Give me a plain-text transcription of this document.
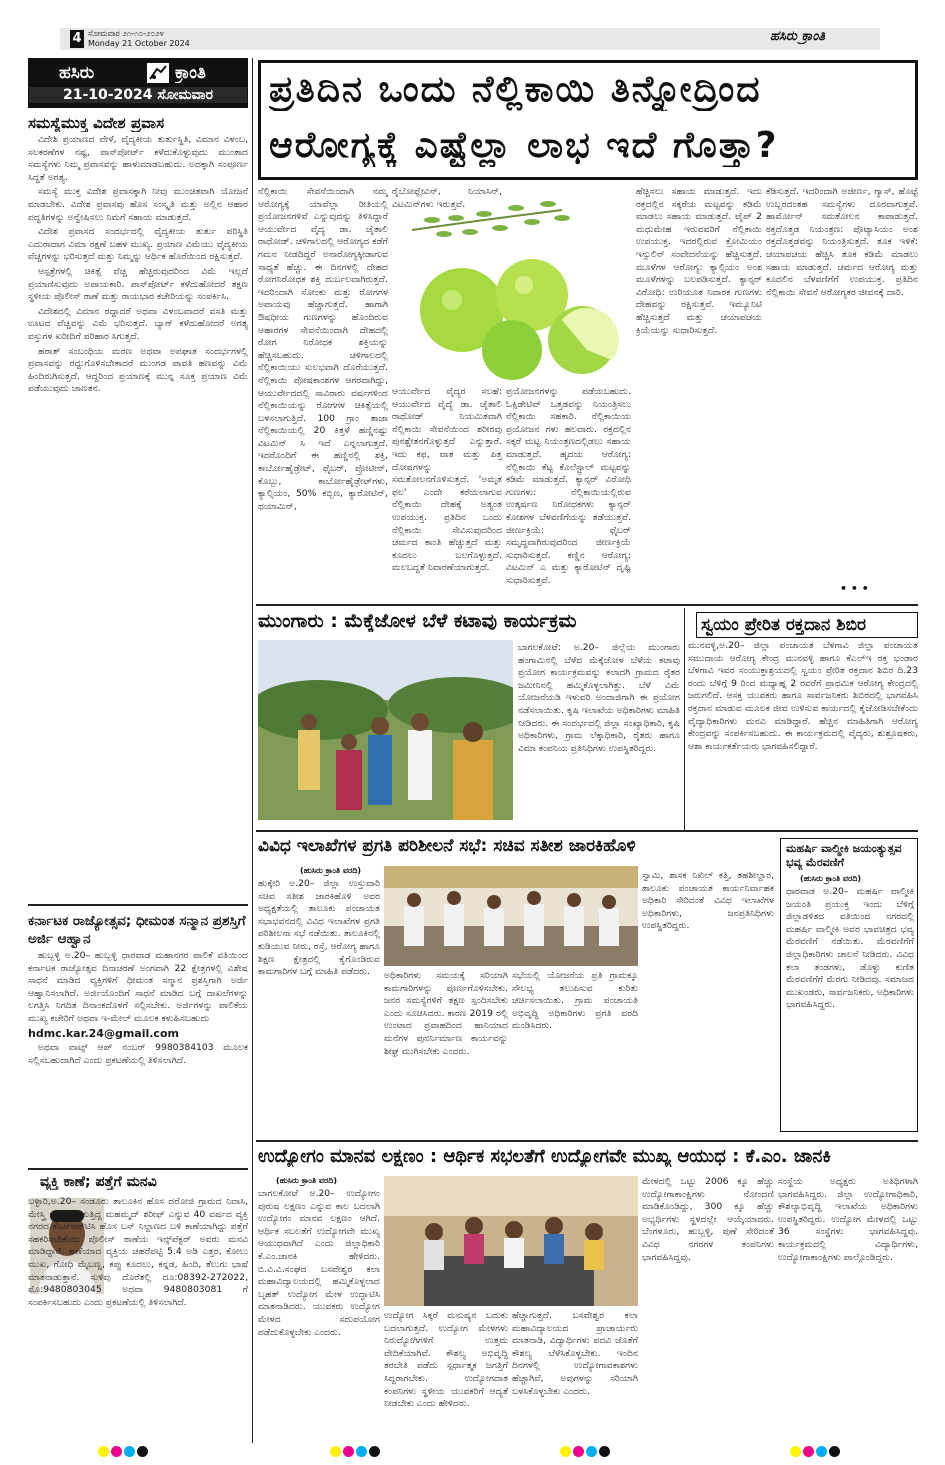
4 ಸೋಮವಾರ ೨೧-೧೦-೨೦೨೪
Monday 21 October 2024	ಹಸಿರು ಕ್ರಾಂತಿ
ಹಸಿರು	ಕ್ರಾಂತಿ
21-10-2024 ಸೋಮವಾರ
ಸಮಸ್ಯೆಮುಕ್ತ ವಿದೇಶ ಪ್ರವಾಸ

ವಿದೇಶಿ ಪ್ರಯಾಣದ ವೇಳೆ, ವೈದ್ಯಕೀಯ ತುರ್ತುಸ್ಥಿತಿ, ವಿಮಾನ ವಿಳಂಬ, ಸಲಕರಣೆಗಳ ನಷ್ಟ, ಪಾಸ್‌ಪೋರ್ಟ್ ಕಳೆದುಕೊಳ್ಳುವುದು ಮುಂತಾದ ಸಮಸ್ಯೆಗಳು ನಿಮ್ಮ ಪ್ರವಾಸವನ್ನು ಹಾಳುಮಾಡಬಹುದು. ಅದಕ್ಕಾಗಿ ಸಂಪೂರ್ಣ ಸಿದ್ಧತೆ ಅಗತ್ಯ.

ಸಮಸ್ಯೆ ಮುಕ್ತ ವಿದೇಶ ಪ್ರವಾಸಕ್ಕಾಗಿ ನೀವು ಮುಂಚಿತವಾಗಿ ಯೋಜನೆ ಮಾಡಬೇಕು. ವಿದೇಶ ಪ್ರವಾಸವು ಹೊಸ ಸಂಸ್ಕೃತಿ ಮತ್ತು ಅಲ್ಲಿನ ಆಹಾರ ಪದ್ಧತಿಗಳನ್ನು ಅನ್ವೇಷಿಸಲು ನಿಮಗೆ ಸಹಾಯ ಮಾಡುತ್ತದೆ.

ವಿದೇಶ ಪ್ರವಾಸದ ಸಂದರ್ಭದಲ್ಲಿ ವೈದ್ಯಕೀಯ ತುರ್ತು ಪರಿಸ್ಥಿತಿ ಎದುರಾದಾಗ ವಿಮಾ ರಕ್ಷಣೆ ಬಹಳ ಮುಖ್ಯ. ಪ್ರಯಾಣ ವಿಮೆಯು ವೈದ್ಯಕೀಯ ವೆಚ್ಚಗಳನ್ನು ಭರಿಸುತ್ತದೆ ಮತ್ತು ನಿಮ್ಮನ್ನು ಆರ್ಥಿಕ ಹೊರೆಯಿಂದ ರಕ್ಷಿಸುತ್ತದೆ.

ಆಸ್ಪತ್ರೆಗಳಲ್ಲಿ ಚಿಕಿತ್ಸೆ ವೆಚ್ಚ ಹೆಚ್ಚಿರುವುದರಿಂದ ವಿಮೆ ಇಲ್ಲದೆ ಪ್ರಯಾಣಿಸುವುದು ಅಪಾಯಕಾರಿ. ಪಾಸ್‌ಪೋರ್ಟ್ ಕಳೆದುಹೋದರೆ ತಕ್ಷಣ ಸ್ಥಳೀಯ ಪೊಲೀಸ್ ಠಾಣೆ ಮತ್ತು ರಾಯಭಾರ ಕಚೇರಿಯನ್ನು ಸಂಪರ್ಕಿಸಿ.

ವಿದೇಶದಲ್ಲಿ ವಿಮಾನ ರದ್ದಾದರೆ ಅಥವಾ ವಿಳಂಬವಾದರೆ ವಸತಿ ಮತ್ತು ಊಟದ ವೆಚ್ಚವನ್ನು ವಿಮೆ ಭರಿಸುತ್ತದೆ. ಬ್ಯಾಗ್ ಕಳೆದುಹೋದರೆ ಅಗತ್ಯ ವಸ್ತುಗಳ ಖರೀದಿಗೆ ಪರಿಹಾರ ಸಿಗುತ್ತದೆ.

ಹಠಾತ್ ಸಂಬಂಧಿಯ ಮರಣ ಅಥವಾ ಅಪಘಾತ ಸಂದರ್ಭಗಳಲ್ಲಿ ಪ್ರವಾಸವನ್ನು ರದ್ದುಗೊಳಿಸಬೇಕಾದರೆ ಮುಂಗಡ ಪಾವತಿ ಹಣವನ್ನು ವಿಮೆ ಹಿಂದಿರುಗಿಸುತ್ತದೆ. ಆದ್ದರಿಂದ ಪ್ರಯಾಣಕ್ಕೆ ಮುನ್ನ ಸೂಕ್ತ ಪ್ರಯಾಣ ವಿಮೆ ಪಡೆಯುವುದು ಜಾಣತನ.

ಕರ್ನಾಟಕ ರಾಜ್ಯೋತ್ಸವ; ಧೀಮಂತ ಸನ್ಮಾನ ಪ್ರಶಸ್ತಿಗೆ ಅರ್ಜಿ ಆಹ್ವಾನ

ಹುಬ್ಬಳ್ಳಿ ಅ.20– ಹುಬ್ಬಳ್ಳಿ ಧಾರವಾಡ ಮಹಾನಗರ ಪಾಲಿಕೆ ವತಿಯಿಂದ ಕರ್ನಾಟಕ ರಾಜ್ಯೋತ್ಸವ ದಿನಾಚರಣೆ ಅಂಗವಾಗಿ 22 ಕ್ಷೇತ್ರಗಳಲ್ಲಿ ವಿಶೇಷ ಸಾಧನೆ ಮಾಡಿದ ವ್ಯಕ್ತಿಗಳಿಗೆ ಧೀಮಂತ ಸನ್ಮಾನ ಪ್ರಶಸ್ತಿಗಾಗಿ ಅರ್ಜಿ ಆಹ್ವಾನಿಸಲಾಗಿದೆ. ಅರ್ಜಿಯೊಂದಿಗೆ ಸಾಧನೆ ಮಾಡಿದ ಬಗ್ಗೆ ದಾಖಲೆಗಳನ್ನು ಲಗತ್ತಿಸಿ ನಿಗದಿತ ದಿನಾಂಕದೊಳಗೆ ಸಲ್ಲಿಸಬೇಕು. ಅರ್ಜಿಗಳನ್ನು ಪಾಲಿಕೆಯ ಮುಖ್ಯ ಕಚೇರಿಗೆ ಅಥವಾ ಇ-ಮೇಲ್ ಮೂಲಕ ಕಳುಹಿಸಬಹುದು

hdmc.kar.24@gmail.com

ಅಥವಾ ವಾಟ್ಸ್ ಆಪ್ ನಂಬರ್ 9980384103 ಮೂಲಕ ಸಲ್ಲಿಸಬಹುದಾಗಿದೆ ಎಂದು ಪ್ರಕಟಣೆಯಲ್ಲಿ ತಿಳಿಸಲಾಗಿದೆ.

ವ್ಯಕ್ತಿ ಕಾಣೆ; ಪತ್ತೆಗೆ ಮನವಿ

ಬಳ್ಳಾರಿ,ಅ.20– ಸಂಡೂರು ತಾಲೂಕಿನ ಹೊಸ ದರೋಜಿ ಗ್ರಾಮದ ನಿವಾಸಿ, ಮೇಸ್ತ್ರಿ ಕೆಲಸ ಮಾಡುತ್ತಿದ್ದ ಮಹಮ್ಮದ್ ಶರೀಫ್ ಎನ್ನುವ 40 ವರ್ಷದ ವ್ಯಕ್ತಿ ನಗರದ ಕೆಎಸ್‌ಆರ್‌ಟಿಸಿ ಹೊಸ ಬಸ್ ನಿಲ್ದಾಣದ ಬಳಿ ಕಾಣೆಯಾಗಿದ್ದು ಪತ್ತೆಗೆ ಸಹಕರಿಸಬೇಕೆಂದು ಪೊಲೀಸ್ ಠಾಣೆಯ ಇನ್ಸ್‌ಪೆಕ್ಟರ್ ಅವರು ಮನವಿ ಮಾಡಿದ್ದಾರೆ. ಕಾಣೆಯಾದ ವ್ಯಕ್ತಿಯ ಚಹರೆಪಟ್ಟಿ 5.4 ಅಡಿ ಎತ್ತರ, ಕೋಲು ಮುಖ, ಗೋಧಿ ಮೈಬಣ್ಣ, ಕಪ್ಪು ಕೂದಲು, ಕನ್ನಡ, ಹಿಂದಿ, ತೆಲುಗು ಭಾಷೆ ಮಾತನಾಡುತ್ತಾನೆ. ಸುಳಿವು ದೊರೆತಲ್ಲಿ ದೂ:08392-272022, ಮೊ:9480803045 ಅಥವಾ 9480803081 ಗೆ ಸಂಪರ್ಕಿಸಬಹುದು ಎಂದು ಪ್ರಕಟಣೆಯಲ್ಲಿ ತಿಳಿಸಲಾಗಿದೆ.

ಪ್ರತಿದಿನ ಒಂದು ನೆಲ್ಲಿಕಾಯಿ ತಿನ್ನೋದ್ರಿಂದ
ಆರೋಗ್ಯಕ್ಕೆ ಎಷ್ಟೆಲ್ಲಾ ಲಾಭ ಇದೆ ಗೊತ್ತಾ?
ನೆಲ್ಲಿಕಾಯಿ ಸೇವನೆಯಿಂದಾಗಿ ನಮ್ಮ ಆರೋಗ್ಯಕ್ಕೆ ಯಾವೆಲ್ಲಾ ರೀತಿಯಲ್ಲಿ ಪ್ರಯೋಜನಗಳಿವೆ ಎನ್ನುವುದನ್ನು ತಿಳಿಸಿದ್ದಾರೆ ಆಯುರ್ವೇದ ವೈದ್ಯ ಡಾ. ಚೈತಾಲಿ ರಾಥೋಡ್. ಚಳಿಗಾಲದಲ್ಲಿ ಆರೋಗ್ಯದ ಕಡೆಗೆ ಗಮನ ನೀಡದಿದ್ದರೆ ಅನಾರೋಗ್ಯಕ್ಕೀಡಾಗುವ ಸಾಧ್ಯತೆ ಹೆಚ್ಚು. ಈ ದಿನಗಳಲ್ಲಿ ದೇಹದ ರೋಗನಿರೋಧಕ ಶಕ್ತಿ ದುರ್ಬಲವಾಗಿರುತ್ತದೆ. ಇದರಿಂದಾಗಿ ಸೋಂಕು ಮತ್ತು ರೋಗಗಳ ಅಪಾಯವು ಹೆಚ್ಚಾಗುತ್ತದೆ. ಹಾಗಾಗಿ ಔಷಧೀಯ ಗುಣಗಳನ್ನು ಹೊಂದಿರುವ ಆಹಾರಗಳ ಸೇವನೆಯಿಂದಾಗಿ ದೇಹದಲ್ಲಿ ರೋಗ ನಿರೋಧಕ ಶಕ್ತಿಯನ್ನು ಹೆಚ್ಚಿಸಬಹುದು. ಚಳಿಗಾಲದಲ್ಲಿ ನೆಲ್ಲಿಕಾಯಿಯು ಸುಲಭವಾಗಿ ದೊರೆಯುತ್ತದೆ. ನೆಲ್ಲಿಕಾಯಿ ಪೋಷಕಾಂಶಗಳ ಆಗರವಾಗಿದ್ದು, ಆಯುರ್ವೇದದಲ್ಲಿ ಸಾವಿರಾರು ವರ್ಷಗಳಿಂದ ನೆಲ್ಲಿಕಾಯಿಯನ್ನು ರೋಗಗಳ ಚಿಕಿತ್ಸೆಯಲ್ಲಿ ಬಳಸಲಾಗುತ್ತಿದೆ. 100 ಗ್ರಾಂ ತಾಜಾ ನೆಲ್ಲಿಕಾಯಿಯಲ್ಲಿ 20 ಕಿತ್ತಳೆ ಹಣ್ಣಿನಷ್ಟು ವಿಟಮಿನ್ ಸಿ ಇದೆ ಎನ್ನಲಾಗುತ್ತದೆ. ಇದರೊಂದಿಗೆ ಈ ಹಣ್ಣಿನಲ್ಲಿ ಶಕ್ತಿ, ಕಾರ್ಬೋಹೈಡ್ರೇಟ್, ಫೈಬರ್, ಪ್ರೋಟೀನ್, ಕೊಬ್ಬು, ಕಾರ್ಬೋಹೈಡ್ರೇಟ್‌ಗಳು, ಕ್ಯಾಲ್ಸಿಯಂ, 50% ಕಬ್ಬಿಣ, ಕ್ಯಾರೋಟಿನ್, ಥಯಾಮಿನ್,
ರೈಬೋಫ್ಲೇವಿನ್, ನಿಯಾಸಿನ್, ವಿಟಮಿನ್‌ಗಳು ಇರುತ್ತವೆ.
ಆಯುರ್ವೇದ ವೈದ್ಯರ ಸಲಹೆ: ಆಯುರ್ವೇದ ವೈದ್ಯೆ ಡಾ. ಚೈತಾಲಿ ರಾಥೋಡ್ ನಿಯಮಿತವಾಗಿ ನೆಲ್ಲಿಕಾಯಿ ಸೇವನೆಯಿಂದ ಶರೀರವು ಪುನಶ್ಚೇತನಗೊಳ್ಳುತ್ತದೆ ಎನ್ನುತ್ತಾರೆ. ಇದು ಕಫ, ವಾತ ಮತ್ತು ಪಿತ್ತ ದೋಷಗಳನ್ನು ಸಮತೋಲನಗೊಳಿಸುತ್ತದೆ. 'ಅಮೃತ ಫಲ' ಎಂದೇ ಕರೆಯಲಾಗುವ ನೆಲ್ಲಿಕಾಯಿ ದೇಹಕ್ಕೆ ಅತ್ಯಂತ ಉಪಯುಕ್ತ. ಪ್ರತಿದಿನ ಒಂದು ನೆಲ್ಲಿಕಾಯಿ ಸೇವಿಸುವುದರಿಂದ ಚರ್ಮದ ಕಾಂತಿ ಹೆಚ್ಚುತ್ತದೆ ಮತ್ತು ಕೂದಲು ಬಲಗೊಳ್ಳುತ್ತದೆ. ಮಲಬದ್ಧತೆ ನಿವಾರಣೆಯಾಗುತ್ತದೆ.
ಪ್ರಯೋಜನಗಳನ್ನು ಪಡೆಯಬಹುದು. ಓಕ್ಸಿಡೇಟಿವ್ ಒತ್ತಡವನ್ನು ನಿಯಂತ್ರಿಸಲು ನೆಲ್ಲಿಕಾಯಿ ಸಹಕಾರಿ. ನೆಲ್ಲಿಕಾಯಿಯ ಪ್ರಯೋಜನ ಗಳು ಹಲವಾರು. ರಕ್ತದಲ್ಲಿನ ಸಕ್ಕರೆ ಮಟ್ಟ ನಿಯಂತ್ರಣದಲ್ಲಿಡಲು ಸಹಾಯ ಮಾಡುತ್ತದೆ. ಹೃದಯ ಆರೋಗ್ಯ: ನೆಲ್ಲಿಕಾಯಿ ಕೆಟ್ಟ ಕೊಲೆಸ್ಟ್ರಾಲ್ ಮಟ್ಟವನ್ನು ಕಡಿಮೆ ಮಾಡುತ್ತದೆ. ಕ್ಯಾನ್ಸರ್ ವಿರೋಧಿ ಗುಣಗಳು: ನೆಲ್ಲಿಕಾಯಿಯಲ್ಲಿರುವ ಉತ್ಕರ್ಷಣ ನಿರೋಧಕಗಳು ಕ್ಯಾನ್ಸರ್ ಕೋಶಗಳ ಬೆಳವಣಿಗೆಯನ್ನು ತಡೆಯುತ್ತವೆ. ಜೀರ್ಣಕ್ರಿಯೆ: ಫೈಬರ್ ಸಮೃದ್ಧವಾಗಿರುವುದರಿಂದ ಜೀರ್ಣಕ್ರಿಯೆ ಸುಧಾರಿಸುತ್ತದೆ. ಕಣ್ಣಿನ ಆರೋಗ್ಯ: ವಿಟಮಿನ್ ಎ ಮತ್ತು ಕ್ಯಾರೋಟಿನ್ ದೃಷ್ಟಿ ಸುಧಾರಿಸುತ್ತವೆ.
ಹೆಚ್ಚಿಸಲು ಸಹಾಯ ಮಾಡುತ್ತದೆ. ಇದು ರಕ್ತದಲ್ಲಿನ ಸಕ್ಕರೆಯ ಮಟ್ಟವನ್ನು ಕಡಿಮೆ ಮಾಡಲು ಸಹಾಯ ಮಾಡುತ್ತದೆ. ಟೈಪ್ 2 ಮಧುಮೇಹ ಇರುವವರಿಗೆ ನೆಲ್ಲಿಕಾಯಿ ಉಪಯುಕ್ತ. ಇದರಲ್ಲಿರುವ ಕ್ರೋಮಿಯಂ ಇನ್ಸುಲಿನ್ ಸಂವೇದನೆಯನ್ನು ಹೆಚ್ಚಿಸುತ್ತದೆ. ಮೂಳೆಗಳ ಆರೋಗ್ಯ: ಕ್ಯಾಲ್ಸಿಯಂ ಅಂಶ ಮೂಳೆಗಳನ್ನು ಬಲಪಡಿಸುತ್ತದೆ. ಕ್ಯಾನ್ಸರ್ ವಿರೋಧಿ: ಉರಿಯೂತ ನಿವಾರಕ ಗುಣಗಳು ದೇಹವನ್ನು ರಕ್ಷಿಸುತ್ತವೆ. ಇಮ್ಯೂನಿಟಿ ಹೆಚ್ಚಿಸುತ್ತದೆ ಮತ್ತು ಚಯಾಪಚಯ ಕ್ರಿಯೆಯನ್ನು ಸುಧಾರಿಸುತ್ತದೆ.
ಕೆಡಿಸುತ್ತದೆ. ಇದರಿಂದಾಗಿ ಅಜೀರ್ಣ, ಗ್ಯಾಸ್, ಹೊಟ್ಟೆ ಉಬ್ಬರದಂತಹ ಸಮಸ್ಯೆಗಳು ದೂರವಾಗುತ್ತವೆ. ಹಾರ್ಮೋನ್ ಸಮತೋಲನ ಕಾಪಾಡುತ್ತದೆ. ರಕ್ತದೊತ್ತಡ ನಿಯಂತ್ರಣ: ಪೊಟ್ಯಾಸಿಯಂ ಅಂಶ ರಕ್ತದೊತ್ತಡವನ್ನು ನಿಯಂತ್ರಿಸುತ್ತದೆ. ತೂಕ ಇಳಿಕೆ: ಚಯಾಪಚಯ ಹೆಚ್ಚಿಸಿ ತೂಕ ಕಡಿಮೆ ಮಾಡಲು ಸಹಾಯ ಮಾಡುತ್ತದೆ. ಚರ್ಮದ ಆರೋಗ್ಯ ಮತ್ತು ಕೂದಲಿನ ಬೆಳವಣಿಗೆಗೆ ಉಪಯುಕ್ತ. ಪ್ರತಿದಿನ ನೆಲ್ಲಿಕಾಯಿ ಸೇವನೆ ಆರೋಗ್ಯಕರ ಜೀವನಕ್ಕೆ ದಾರಿ.
• • •
ಮುಂಗಾರು : ಮೆಕ್ಕೆಜೋಳ ಬೆಳೆ ಕಟಾವು ಕಾರ್ಯಕ್ರಮ
ಬಾಗಲಕೋಟೆ: ಅ.20– ಜಿಲ್ಲೆಯ ಮುಂಗಾರು ಹಂಗಾಮಿನಲ್ಲಿ ಬೆಳೆದ ಮೆಕ್ಕೆಜೋಳ ಬೆಳೆಯ ಕಟಾವು ಪ್ರಯೋಗ ಕಾರ್ಯಕ್ರಮವನ್ನು ಕಲಾದಗಿ ಗ್ರಾಮದ ರೈತರ ಜಮೀನಿನಲ್ಲಿ ಹಮ್ಮಿಕೊಳ್ಳಲಾಗಿತ್ತು. ಬೆಳೆ ವಿಮೆ ಯೋಜನೆಯಡಿ ಇಳುವರಿ ಅಂದಾಜಿಗಾಗಿ ಈ ಪ್ರಯೋಗ ನಡೆಸಲಾಯಿತು. ಕೃಷಿ ಇಲಾಖೆಯ ಅಧಿಕಾರಿಗಳು ಮಾಹಿತಿ ನೀಡಿದರು. ಈ ಸಂದರ್ಭದಲ್ಲಿ ಜಿಲ್ಲಾ ಸಂಖ್ಯಾಧಿಕಾರಿ, ಕೃಷಿ ಅಧಿಕಾರಿಗಳು, ಗ್ರಾಮ ಲೆಕ್ಕಾಧಿಕಾರಿ, ರೈತರು ಹಾಗೂ ವಿಮಾ ಕಂಪನಿಯ ಪ್ರತಿನಿಧಿಗಳು ಉಪಸ್ಥಿತರಿದ್ದರು.
ಸ್ವಯಂ ಪ್ರೇರಿತ ರಕ್ತದಾನ ಶಿಬಿರ
ಮುನವಳ್ಳಿ,ಅ.20– ಜಿಲ್ಲಾ ಪಂಚಾಯತ ಬೆಳಗಾವಿ ಜಿಲ್ಲಾ ಪಂಚಾಯತ ಸಮುದಾಯ ಆರೋಗ್ಯ ಕೇಂದ್ರ ಮುನವಳ್ಳಿ ಹಾಗೂ ಕೆಎಲ್‌ಇ ರಕ್ತ ಭಂಡಾರ ಬೆಳಗಾವಿ ಇವರ ಸಂಯುಕ್ತಾಶ್ರಯದಲ್ಲಿ ಸ್ವಯಂ ಪ್ರೇರಿತ ರಕ್ತದಾನ ಶಿಬಿರ ದಿ.23 ರಂದು ಬೆಳಿಗ್ಗೆ 9 ರಿಂದ ಮಧ್ಯಾಹ್ನ 2 ರವರೆಗೆ ಪ್ರಾಥಮಿಕ ಆರೋಗ್ಯ ಕೇಂದ್ರದಲ್ಲಿ ಜರುಗಲಿದೆ. ಆಸಕ್ತ ಯುವಕರು ಹಾಗೂ ಸಾರ್ವಜನಿಕರು ಶಿಬಿರದಲ್ಲಿ ಭಾಗವಹಿಸಿ ರಕ್ತದಾನ ಮಾಡುವ ಮೂಲಕ ಜೀವ ಉಳಿಸುವ ಕಾರ್ಯದಲ್ಲಿ ಕೈಜೋಡಿಸಬೇಕೆಂದು ವೈದ್ಯಾಧಿಕಾರಿಗಳು ಮನವಿ ಮಾಡಿದ್ದಾರೆ. ಹೆಚ್ಚಿನ ಮಾಹಿತಿಗಾಗಿ ಆರೋಗ್ಯ ಕೇಂದ್ರವನ್ನು ಸಂಪರ್ಕಿಸಬಹುದು. ಈ ಕಾರ್ಯಕ್ರಮದಲ್ಲಿ ವೈದ್ಯರು, ಶುಶ್ರೂಷಕರು, ಆಶಾ ಕಾರ್ಯಕರ್ತೆಯರು ಭಾಗವಹಿಸಲಿದ್ದಾರೆ.
ವಿವಿಧ ಇಲಾಖೆಗಳ ಪ್ರಗತಿ ಪರಿಶೀಲನೆ ಸಭೆ: ಸಚಿವ ಸತೀಶ ಜಾರಕಿಹೊಳಿ
(ಹುಸಿರು ಕ್ರಾಂತಿ ವರದಿ)
ಹುಕ್ಕೇರಿ ಅ.20– ಜಿಲ್ಲಾ ಉಸ್ತುವಾರಿ ಸಚಿವ ಸತೀಶ ಜಾರಕಿಹೊಳಿ ಅವರ ಅಧ್ಯಕ್ಷತೆಯಲ್ಲಿ ತಾಲೂಕು ಪಂಚಾಯತ ಸಭಾಭವನದಲ್ಲಿ ವಿವಿಧ ಇಲಾಖೆಗಳ ಪ್ರಗತಿ ಪರಿಶೀಲನಾ ಸಭೆ ನಡೆಯಿತು. ತಾಲೂಕಿನಲ್ಲಿ ಕುಡಿಯುವ ನೀರು, ರಸ್ತೆ, ಆರೋಗ್ಯ ಹಾಗೂ ಶಿಕ್ಷಣ ಕ್ಷೇತ್ರದಲ್ಲಿ ಕೈಗೊಂಡಿರುವ ಕಾಮಗಾರಿಗಳ ಬಗ್ಗೆ ಮಾಹಿತಿ ಪಡೆದರು.	ಅಧಿಕಾರಿಗಳು ಸಮಯಕ್ಕೆ ಸರಿಯಾಗಿ ಕಾಮಗಾರಿಗಳನ್ನು ಪೂರ್ಣಗೊಳಿಸಬೇಕು. ಜನರ ಸಮಸ್ಯೆಗಳಿಗೆ ತಕ್ಷಣ ಸ್ಪಂದಿಸಬೇಕು ಎಂದು ಸೂಚಿಸಿದರು. ಕಾರಣ 2019 ರಲ್ಲಿ ಉಂಟಾದ ಪ್ರವಾಹದಿಂದ ಹಾನಿಯಾದ ಮನೆಗಳ ಪುನರ್ನಿರ್ಮಾಣ ಕಾರ್ಯವನ್ನು ಶೀಘ್ರ ಮುಗಿಸಬೇಕು ಎಂದರು.
ಸಭೆಯಲ್ಲಿ ಯೋಜನೆಯ ಪ್ರತಿ ಗ್ರಾಮಕ್ಕೂ ಸೌಲಭ್ಯ ತಲುಪಿಸುವ ಕುರಿತು ಚರ್ಚಿಸಲಾಯಿತು. ಗ್ರಾಮ ಪಂಚಾಯತಿ ಅಭಿವೃದ್ಧಿ ಅಧಿಕಾರಿಗಳು ಪ್ರಗತಿ ವರದಿ ಮಂಡಿಸಿದರು.
ಸ್ವಾಮಿ, ಶಾಸಕ ನಿಖಿಲ್ ಕತ್ತಿ, ತಹಶೀಲ್ದಾರ, ತಾಲೂಕು ಪಂಚಾಯತ ಕಾರ್ಯನಿರ್ವಾಹಕ ಅಧಿಕಾರಿ ಸೇರಿದಂತೆ ವಿವಿಧ ಇಲಾಖೆಗಳ ಅಧಿಕಾರಿಗಳು, ಜನಪ್ರತಿನಿಧಿಗಳು ಉಪಸ್ಥಿತರಿದ್ದರು.
ಮಹರ್ಷಿ ವಾಲ್ಮೀಕಿ ಜಯಂತ್ಯುತ್ಸವ ಭವ್ಯ ಮೆರವಣಿಗೆ
(ಹುಸಿರು ಕ್ರಾಂತಿ ವರದಿ)
ಧಾರವಾಡ ಅ.20– ಮಹರ್ಷಿ ವಾಲ್ಮೀಕಿ ಜಯಂತಿ ಪ್ರಯುಕ್ತ ಇಂದು ಬೆಳಿಗ್ಗೆ ಜಿಲ್ಲಾಡಳಿತದ ವತಿಯಿಂದ ನಗರದಲ್ಲಿ ಮಹರ್ಷಿ ವಾಲ್ಮೀಕಿ ಅವರ ಭಾವಚಿತ್ರದ ಭವ್ಯ ಮೆರವಣಿಗೆ ನಡೆಯಿತು. ಮೆರವಣಿಗೆಗೆ ಜಿಲ್ಲಾಧಿಕಾರಿಗಳು ಚಾಲನೆ ನೀಡಿದರು. ವಿವಿಧ ಕಲಾ ತಂಡಗಳು, ಡೊಳ್ಳು ಕುಣಿತ ಮೆರವಣಿಗೆಗೆ ಮೆರಗು ನೀಡಿದವು. ಸಮಾಜದ ಮುಖಂಡರು, ಸಾರ್ವಜನಿಕರು, ಅಧಿಕಾರಿಗಳು ಭಾಗವಹಿಸಿದ್ದರು.
ಉದ್ಯೋಗಂ ಮಾನವ ಲಕ್ಷಣಂ : ಆರ್ಥಿಕ ಸಭಲತೆಗೆ ಉದ್ಯೋಗವೇ ಮುಖ್ಯ ಆಯುಧ : ಕೆ.ಎಂ. ಜಾನಕಿ
(ಹುಸಿರು ಕ್ರಾಂತಿ ವರದಿ)
ಬಾಗಲಕೋಟೆ ಅ.20– ಉದ್ಯೋಗಂ ಪುರುಷ ಲಕ್ಷಣಂ ಎನ್ನುವ ಕಾಲ ಬದಲಾಗಿ ಉದ್ಯೋಗಂ ಮಾನವ ಲಕ್ಷಣಂ ಆಗಿದೆ. ಆರ್ಥಿಕ ಸಬಲತೆಗೆ ಉದ್ಯೋಗವೇ ಮುಖ್ಯ ಆಯುಧವಾಗಿದೆ ಎಂದು ಜಿಲ್ಲಾಧಿಕಾರಿ ಕೆ.ಎಂ.ಜಾನಕಿ ಹೇಳಿದರು. ಬಿ.ವಿ.ವಿ.ಸಂಘದ ಬಸವೇಶ್ವರ ಕಲಾ ಮಹಾವಿದ್ಯಾಲಯದಲ್ಲಿ ಹಮ್ಮಿಕೊಳ್ಳಲಾದ ಬೃಹತ್ ಉದ್ಯೋಗ ಮೇಳ ಉದ್ಘಾಟಿಸಿ ಮಾತನಾಡಿದರು. ಯುವಕರು ಉದ್ಯೋಗ ಮೇಳದ ಸದುಪಯೋಗ ಪಡೆದುಕೊಳ್ಳಬೇಕು ಎಂದರು.
ಉದ್ಯೋಗ ಸಿಕ್ಕರೆ ಮನುಷ್ಯನ ಬದುಕು ಬದಲಾಗುತ್ತದೆ. ಉದ್ಯೋಗ ಮೇಳಗಳು ನಿರುದ್ಯೋಗಿಗಳಿಗೆ ಉತ್ತಮ ವೇದಿಕೆಯಾಗಿವೆ. ಕೌಶಲ್ಯ ಅಭಿವೃದ್ಧಿ ತರಬೇತಿ ಪಡೆದು ಸ್ಪರ್ಧಾತ್ಮಕ ಜಗತ್ತಿಗೆ ಸಿದ್ಧರಾಗಬೇಕು. ಉದ್ಯೋಗದಾತ ಕಂಪನಿಗಳು ಸ್ಥಳೀಯ ಯುವಕರಿಗೆ ಆದ್ಯತೆ ನೀಡಬೇಕು ಎಂದು ಹೇಳಿದರು.
ಹೆಚ್ಚಾಗುತ್ತದೆ. ಬಸವೇಶ್ವರ ಕಲಾ ಮಹಾವಿದ್ಯಾಲಯದ ಪ್ರಾಚಾರ್ಯರು ಮಾತನಾಡಿ, ವಿದ್ಯಾರ್ಥಿಗಳು ಪದವಿ ಜೊತೆಗೆ ಕೌಶಲ್ಯ ಬೆಳೆಸಿಕೊಳ್ಳಬೇಕು. ಇಂದಿನ ದಿನಗಳಲ್ಲಿ ಉದ್ಯೋಗಾವಕಾಶಗಳು ಹೆಚ್ಚಾಗಿವೆ, ಅವುಗಳನ್ನು ಸರಿಯಾಗಿ ಬಳಸಿಕೊಳ್ಳಬೇಕು ಎಂದರು.
ಮೇಳದಲ್ಲಿ ಒಟ್ಟು 2006 ಕ್ಕೂ ಹೆಚ್ಚು ಉದ್ಯೋಗಾಕಾಂಕ್ಷಿಗಳು ನೋಂದಣಿ ಮಾಡಿಕೊಂಡಿದ್ದು, 300 ಕ್ಕೂ ಹೆಚ್ಚು ಅಭ್ಯರ್ಥಿಗಳು ಸ್ಥಳದಲ್ಲೇ ಆಯ್ಕೆಯಾದರು. ಬೆಂಗಳೂರು, ಹುಬ್ಬಳ್ಳಿ, ಪುಣೆ ಸೇರಿದಂತೆ ವಿವಿಧ ನಗರಗಳ ಕಂಪನಿಗಳು ಭಾಗವಹಿಸಿದ್ದವು.
ಸಂಸ್ಥೆಯ ಅಧ್ಯಕ್ಷರು ಅತಿಥಿಗಳಾಗಿ ಭಾಗವಹಿಸಿದ್ದರು. ಜಿಲ್ಲಾ ಉದ್ಯೋಗಾಧಿಕಾರಿ, ಕೌಶಲ್ಯಾಭಿವೃದ್ಧಿ ಇಲಾಖೆಯ ಅಧಿಕಾರಿಗಳು ಉಪಸ್ಥಿತರಿದ್ದರು. ಉದ್ಯೋಗ ಮೇಳದಲ್ಲಿ ಒಟ್ಟು 36 ಸಂಸ್ಥೆಗಳು ಭಾಗವಹಿಸಿದ್ದವು. ಕಾರ್ಯಕ್ರಮದಲ್ಲಿ ವಿದ್ಯಾರ್ಥಿಗಳು, ಉದ್ಯೋಗಾಕಾಂಕ್ಷಿಗಳು ಪಾಲ್ಗೊಂಡಿದ್ದರು.
